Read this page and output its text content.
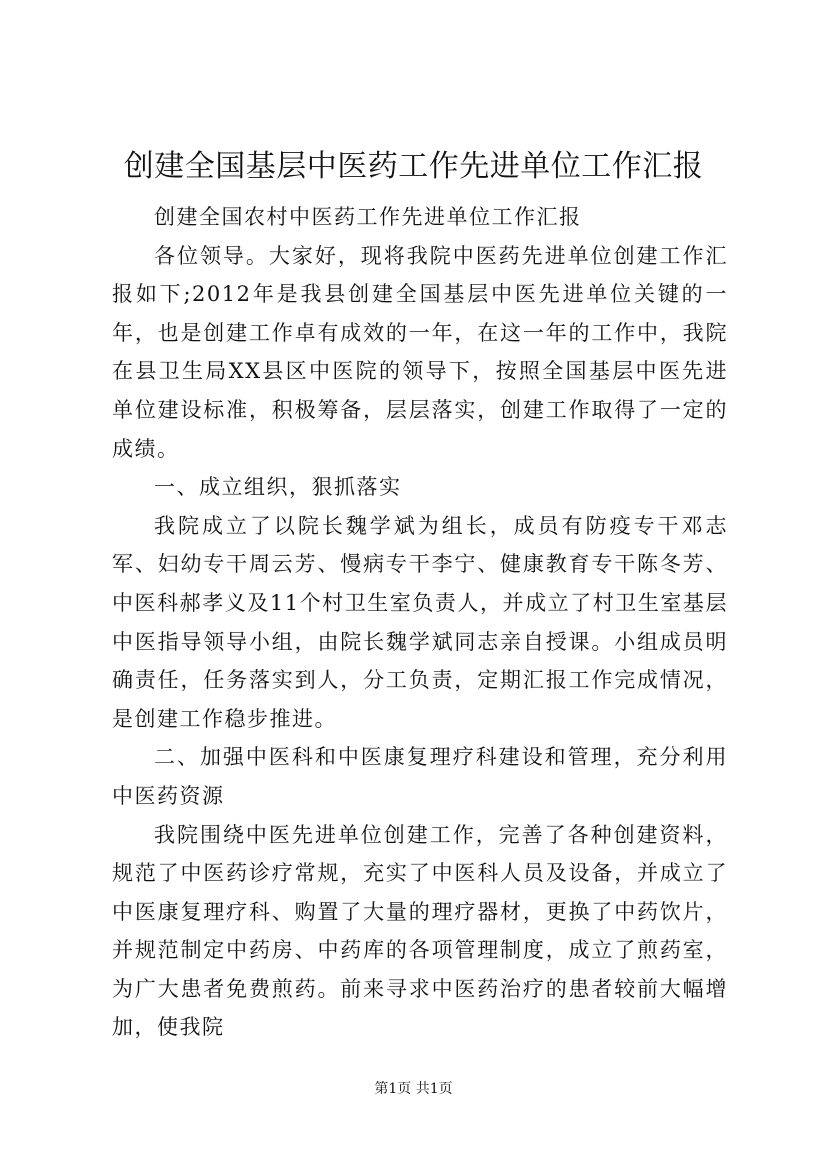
创建全国基层中医药工作先进单位工作汇报

创建全国农村中医药工作先进单位工作汇报

各位领导。大家好，现将我院中医药先进单位创建工作汇报如下;2012年是我县创建全国基层中医先进单位关键的一年，也是创建工作卓有成效的一年，在这一年的工作中，我院在县卫生局XX县区中医院的领导下，按照全国基层中医先进单位建设标准，积极筹备，层层落实，创建工作取得了一定的成绩。

一、成立组织，狠抓落实

我院成立了以院长魏学斌为组长，成员有防疫专干邓志军、妇幼专干周云芳、慢病专干李宁、健康教育专干陈冬芳、中医科郝孝义及11个村卫生室负责人，并成立了村卫生室基层中医指导领导小组，由院长魏学斌同志亲自授课。小组成员明确责任，任务落实到人，分工负责，定期汇报工作完成情况，是创建工作稳步推进。

二、加强中医科和中医康复理疗科建设和管理，充分利用中医药资源

我院围绕中医先进单位创建工作，完善了各种创建资料，规范了中医药诊疗常规，充实了中医科人员及设备，并成立了中医康复理疗科、购置了大量的理疗器材，更换了中药饮片，并规范制定中药房、中药库的各项管理制度，成立了煎药室，为广大患者免费煎药。前来寻求中医药治疗的患者较前大幅增加，使我院

第1页 共1页
